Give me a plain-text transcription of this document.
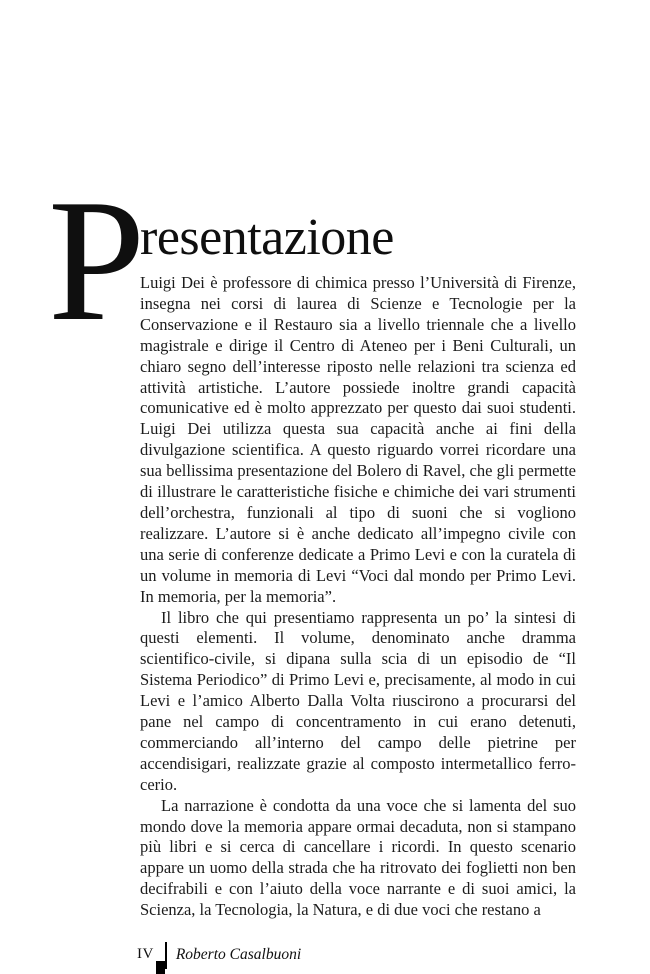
P
resentazione

Luigi Dei è professore di chimica presso l’Università di Firenze, insegna nei corsi di laurea di Scienze e Tecnologie per la Conservazione e il Restauro sia a livello triennale che a livello magistrale e dirige il Centro di Ateneo per i Beni Culturali, un chiaro segno dell’interesse riposto nelle relazioni tra scienza ed attività artistiche. L’autore possiede inoltre grandi capacità comunicative ed è molto apprezzato per questo dai suoi studenti. Luigi Dei utilizza questa sua capacità anche ai fini della divulgazione scientifica. A questo riguardo vorrei ricordare una sua bellissima presentazione del Bolero di Ravel, che gli permette di illustrare le caratteristiche fisiche e chimiche dei vari strumenti dell’orchestra, funzionali al tipo di suoni che si vogliono realizzare. L’autore si è anche dedicato all’impegno civile con una serie di conferenze dedicate a Primo Levi e con la curatela di un volume in memoria di Levi “Voci dal mondo per Primo Levi. In memoria, per la memoria”.

Il libro che qui presentiamo rappresenta un po’ la sintesi di questi elementi. Il volume, denominato anche dramma scientifico-civile, si dipana sulla scia di un episodio de “Il Sistema Periodico” di Primo Levi e, precisamente, al modo in cui Levi e l’amico Alberto Dalla Volta riuscirono a procurarsi del pane nel campo di concentramento in cui erano detenuti, commerciando all’interno del campo delle pietrine per accendisigari, realizzate grazie al composto intermetallico ferro-cerio.

La narrazione è condotta da una voce che si lamenta del suo mondo dove la memoria appare ormai decaduta, non si stampano più libri e si cerca di cancellare i ricordi. In questo scenario appare un uomo della strada che ha ritrovato dei foglietti non ben decifrabili e con l’aiuto della voce narrante e di suoi amici, la Scienza, la Tecnologia, la Natura, e di due voci che restano a

IV Roberto Casalbuoni
